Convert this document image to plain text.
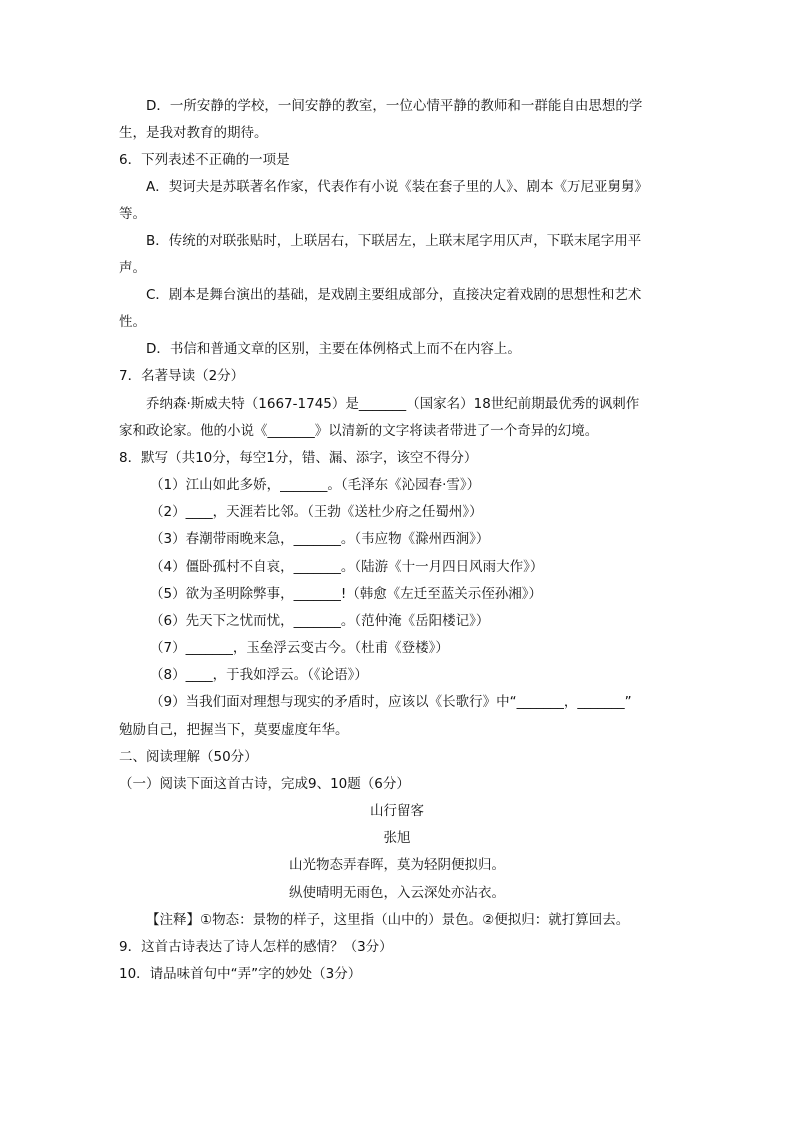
D．一所安静的学校，一间安静的教室，一位心情平静的教师和一群能自由思想的学
生，是我对教育的期待。
6．下列表述不正确的一项是
A．契诃夫是苏联著名作家，代表作有小说《装在套子里的人》、剧本《万尼亚舅舅》
等。
B．传统的对联张贴时，上联居右，下联居左，上联末尾字用仄声，下联末尾字用平
声。
C．剧本是舞台演出的基础，是戏剧主要组成部分，直接决定着戏剧的思想性和艺术
性。
D．书信和普通文章的区别，主要在体例格式上而不在内容上。
7．名著导读（2分）
乔纳森·斯威夫特（1667-1745）是_______（国家名）18世纪前期最优秀的讽刺作
家和政论家。他的小说《_______》以清新的文字将读者带进了一个奇异的幻境。
8．默写（共10分，每空1分，错、漏、添字，该空不得分）
（1）江山如此多娇，_______。（毛泽东《沁园春·雪》）
（2）____，天涯若比邻。（王勃《送杜少府之任蜀州》）
（3）春潮带雨晚来急，_______。（韦应物《滁州西涧》）
（4）僵卧孤村不自哀，_______。（陆游《十一月四日风雨大作》）
（5）欲为圣明除弊事，_______!（韩愈《左迁至蓝关示侄孙湘》）
（6）先天下之忧而忧，_______。（范仲淹《岳阳楼记》）
（7）_______，玉垒浮云变古今。（杜甫《登楼》）
（8）____，于我如浮云。（《论语》）
（9）当我们面对理想与现实的矛盾时，应该以《长歌行》中“_______，_______”
勉励自己，把握当下，莫要虚度年华。
二、阅读理解（50分）
（一）阅读下面这首古诗，完成9、10题（6分）
山行留客
张旭
山光物态弄春晖，莫为轻阴便拟归。
纵使晴明无雨色，入云深处亦沾衣。
【注释】①物态：景物的样子，这里指（山中的）景色。②便拟归：就打算回去。
9．这首古诗表达了诗人怎样的感情？（3分）
10．请品味首句中“弄”字的妙处（3分）
